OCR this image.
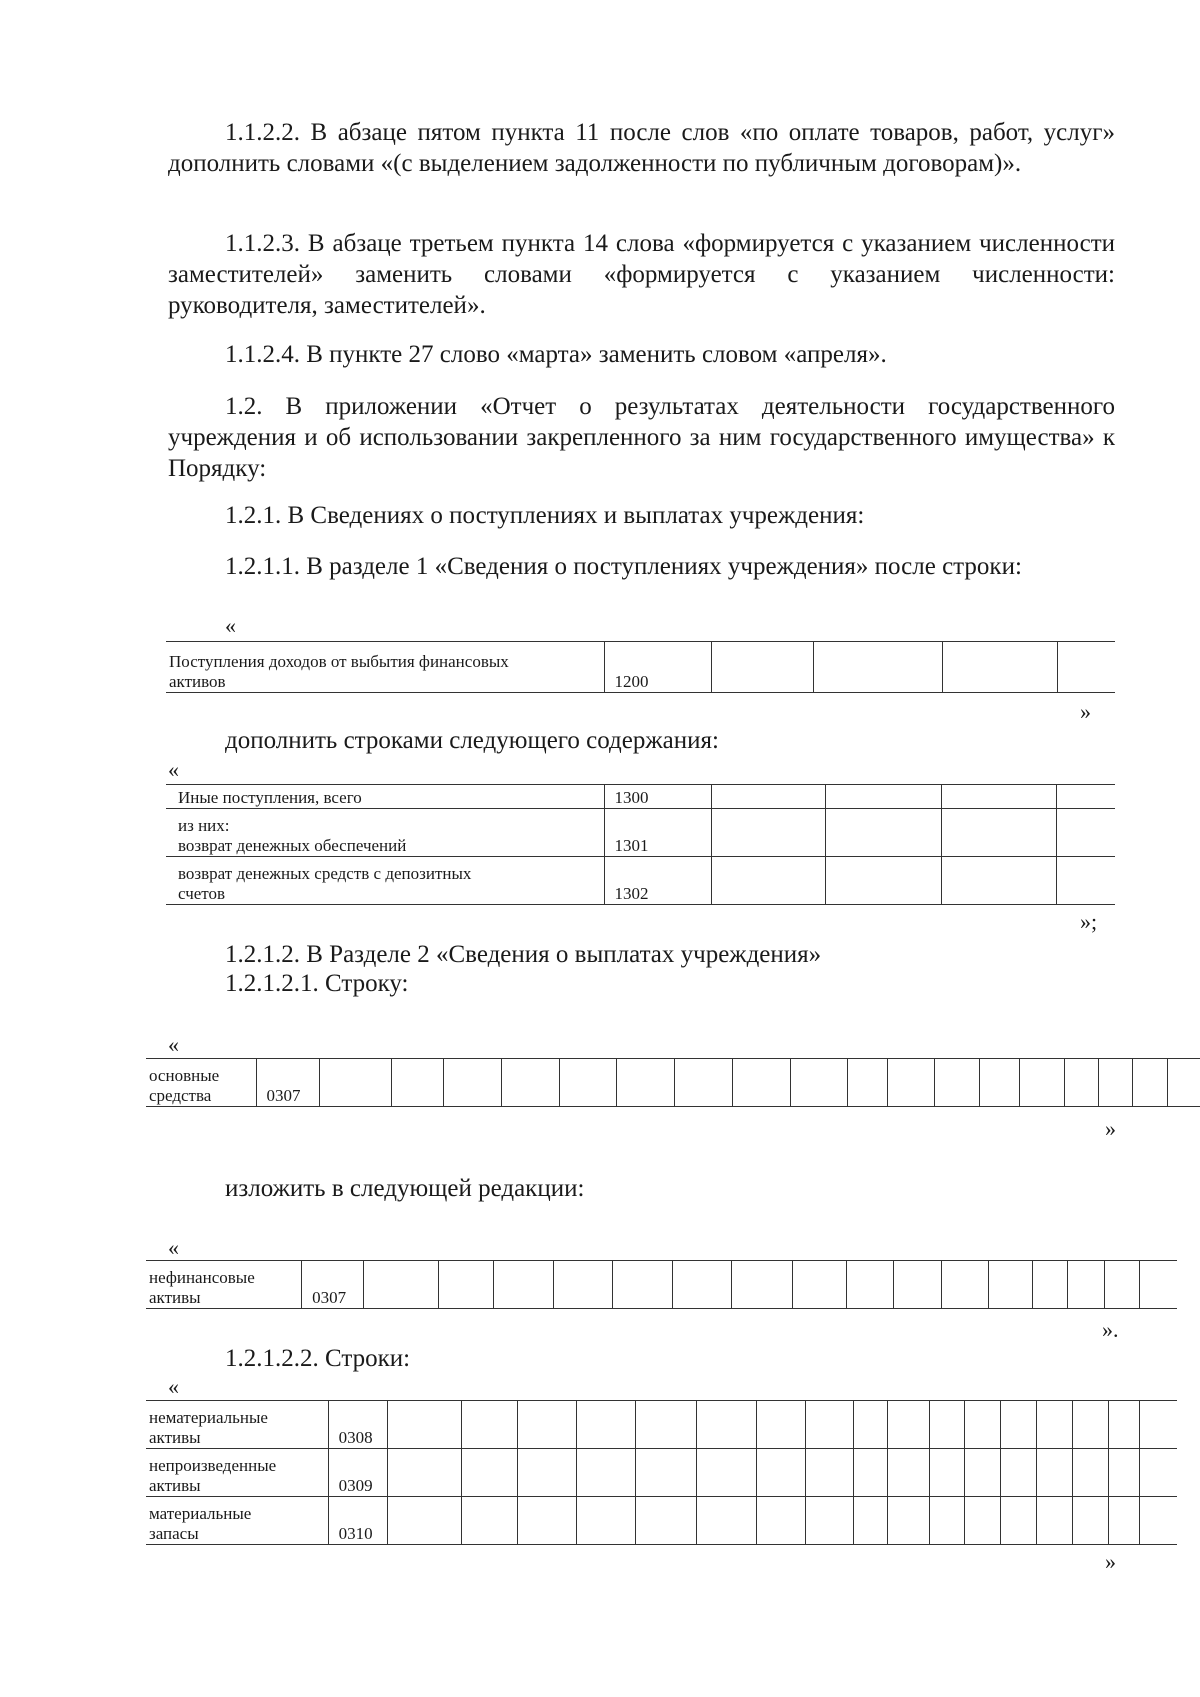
1.1.2.2. В абзаце пятом пункта 11 после слов «по оплате товаров, работ, услуг» дополнить словами «(с выделением задолженности по публичным договорам)».

1.1.2.3. В абзаце третьем пункта 14 слова «формируется с указанием численности заместителей» заменить словами «формируется с указанием численности: руководителя, заместителей».

1.1.2.4. В пункте 27 слово «марта» заменить словом «апреля».

1.2. В приложении «Отчет о результатах деятельности государственного учреждения и об использовании закрепленного за ним государственного имущества» к Порядку:

1.2.1. В Сведениях о поступлениях и выплатах учреждения:

1.2.1.1. В разделе 1 «Сведения о поступлениях учреждения» после строки:

«

Поступления доходов от выбытия финансовых
активов	1200				

»

дополнить строками следующего содержания:

«

Иные поступления, всего	1300				

из них:
возврат денежных обеспечений	1301				

возврат денежных средств с депозитных
счетов	1302				

»;

1.2.1.2. В Разделе 2 «Сведения о выплатах учреждения»

1.2.1.2.1. Строку:

«

основные
средства	0307																			

»

изложить в следующей редакции:

«

нефинансовые
активы	0307																

».

1.2.1.2.2. Строки:

«

нематериальные
активы	0308																	

непроизведенные
активы	0309																	

материальные
запасы	0310																	

»
